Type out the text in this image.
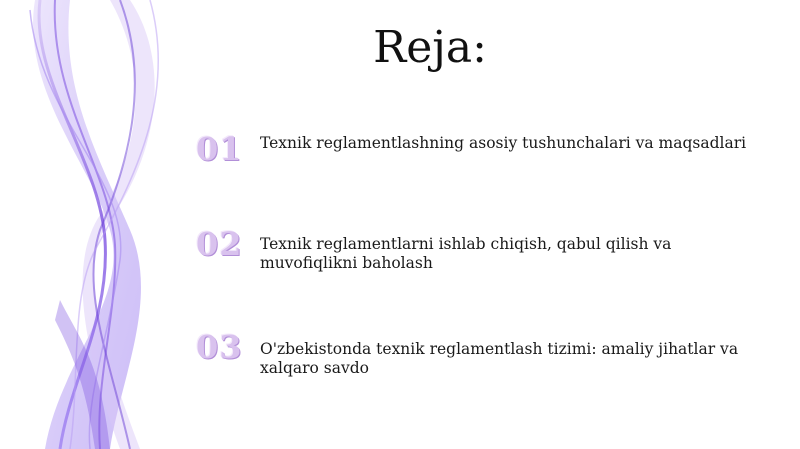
Reja:
01	Texnik reglamentlashning asosiy tushunchalari va maqsadlari
02	Texnik reglamentlarni ishlab chiqish, qabul qilish va muvofiqlikni baholash
03	O'zbekistonda texnik reglamentlash tizimi: amaliy jihatlar va xalqaro savdo
